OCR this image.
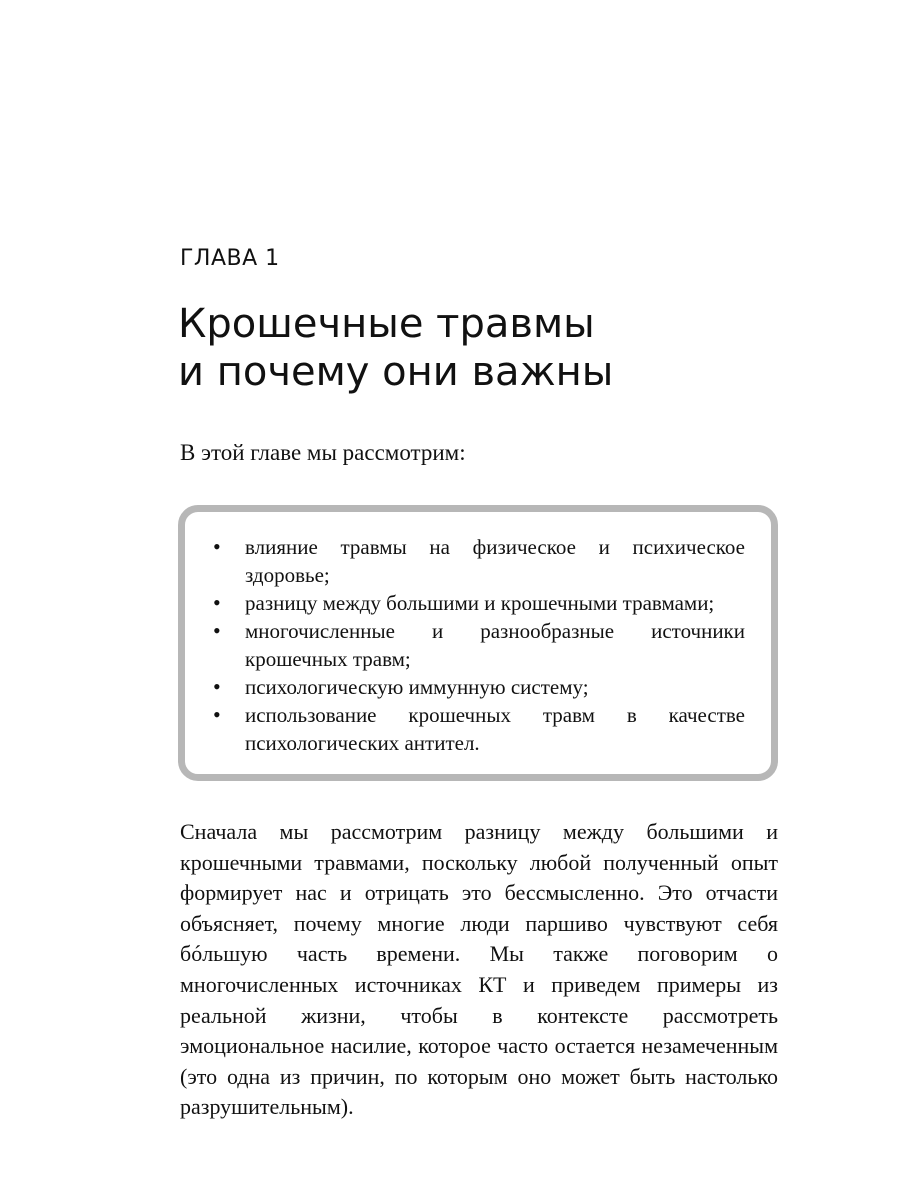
ГЛАВА 1
Крошечные травмы
и почему они важны

В этой главе мы рассмотрим:

• влияние травмы на физическое и психическое здоровье;
• разницу между большими и крошечными травмами;
• многочисленные и разнообразные источники крошечных травм;
• психологическую иммунную систему;
• использование крошечных травм в качестве психологических антител.

Сначала мы рассмотрим разницу между большими и крошечными травмами, поскольку любой полученный опыт формирует нас и отрицать это бессмысленно. Это отчасти объясняет, почему многие люди паршиво чувствуют себя бóльшую часть времени. Мы также поговорим о многочисленных источниках КТ и приведем примеры из реальной жизни, чтобы в контексте рассмотреть эмоциональное насилие, которое часто остается незамеченным (это одна из причин, по которым оно может быть настолько разрушительным).
